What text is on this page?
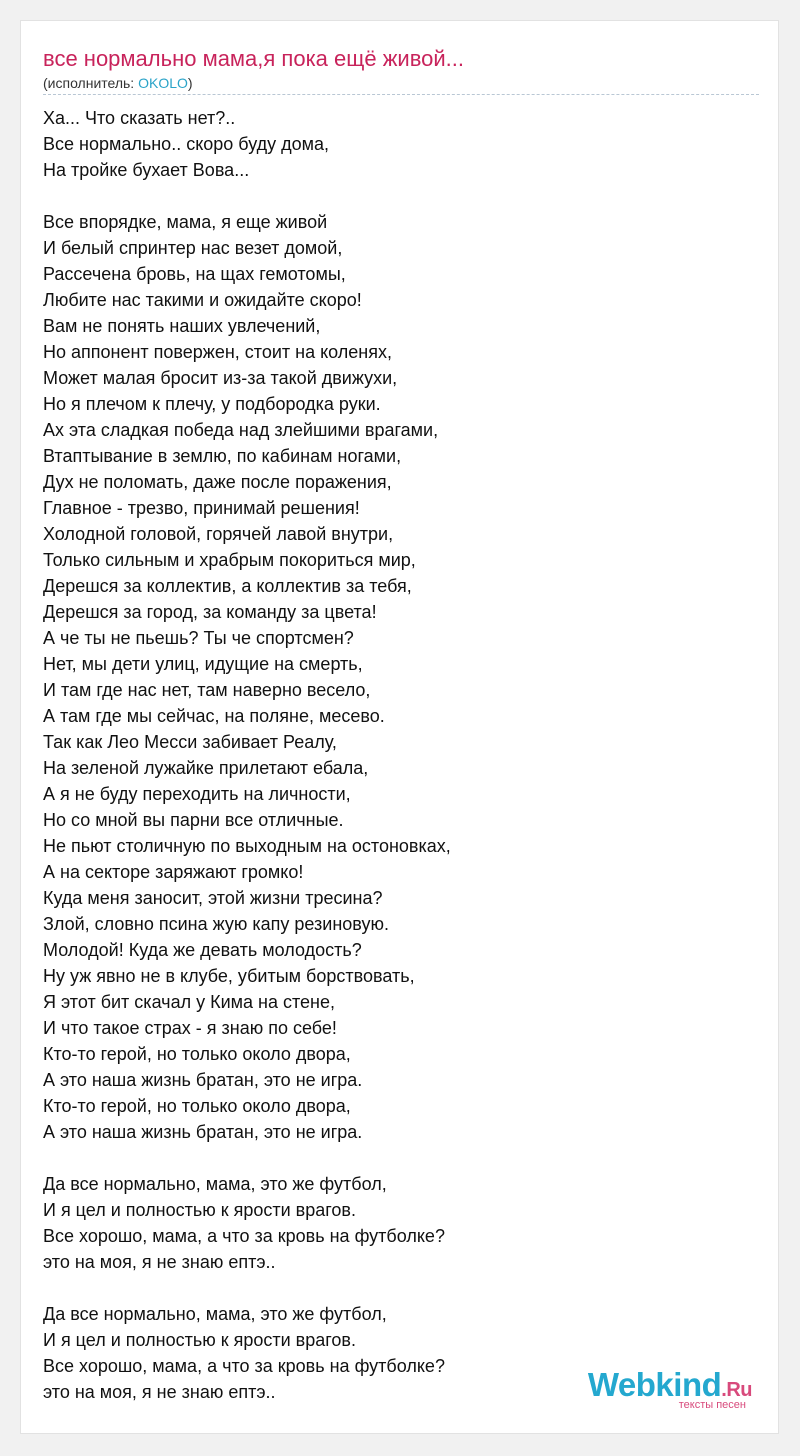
все нормально мама,я пока ещё живой...
(исполнитель: OKOLO)
Ха... Что сказать нет?..
Все нормально.. скоро буду дома,
На тройке бухает Вова...
Все впорядке, мама, я еще живой
И белый спринтер нас везет домой,
Рассечена бровь, на щах гемотомы,
Любите нас такими и ожидайте скоро!
Вам не понять наших увлечений,
Но аппонент повержен, стоит на коленях,
Может малая бросит из-за такой движухи,
Но я плечом к плечу, у подбородка руки.
Ах эта сладкая победа над злейшими врагами,
Втаптывание в землю, по кабинам ногами,
Дух не поломать, даже после поражения,
Главное - трезво, принимай решения!
Холодной головой, горячей лавой внутри,
Только сильным и храбрым покориться мир,
Дерешся за коллектив, а коллектив за тебя,
Дерешся за город, за команду за цвета!
А че ты не пьешь? Ты че спортсмен?
Нет, мы дети улиц, идущие на смерть,
И там где нас нет, там наверно весело,
А там где мы сейчас, на поляне, месево.
Так как Лео Месси забивает Реалу,
На зеленой лужайке прилетают ебала,
А я не буду переходить на личности,
Но со мной вы парни все отличные.
Не пьют столичную по выходным на остоновках,
А на секторе заряжают громко!
Куда меня заносит, этой жизни тресина?
Злой, словно псина жую капу резиновую.
Молодой! Куда же девать молодость?
Ну уж явно не в клубе, убитым борствовать,
Я этот бит скачал у Кима на стене,
И что такое страх - я знаю по себе!
Кто-то герой, но только около двора,
А это наша жизнь братан, это не игра.
Кто-то герой, но только около двора,
А это наша жизнь братан, это не игра.
Да все нормально, мама, это же футбол,
И я цел и полностью к ярости врагов.
Все хорошо, мама, а что за кровь на футболке?
это на моя, я не знаю ептэ..
Да все нормально, мама, это же футбол,
И я цел и полностью к ярости врагов.
Все хорошо, мама, а что за кровь на футболке?
это на моя, я не знаю ептэ..	Webkind.Ru
тексты песен
